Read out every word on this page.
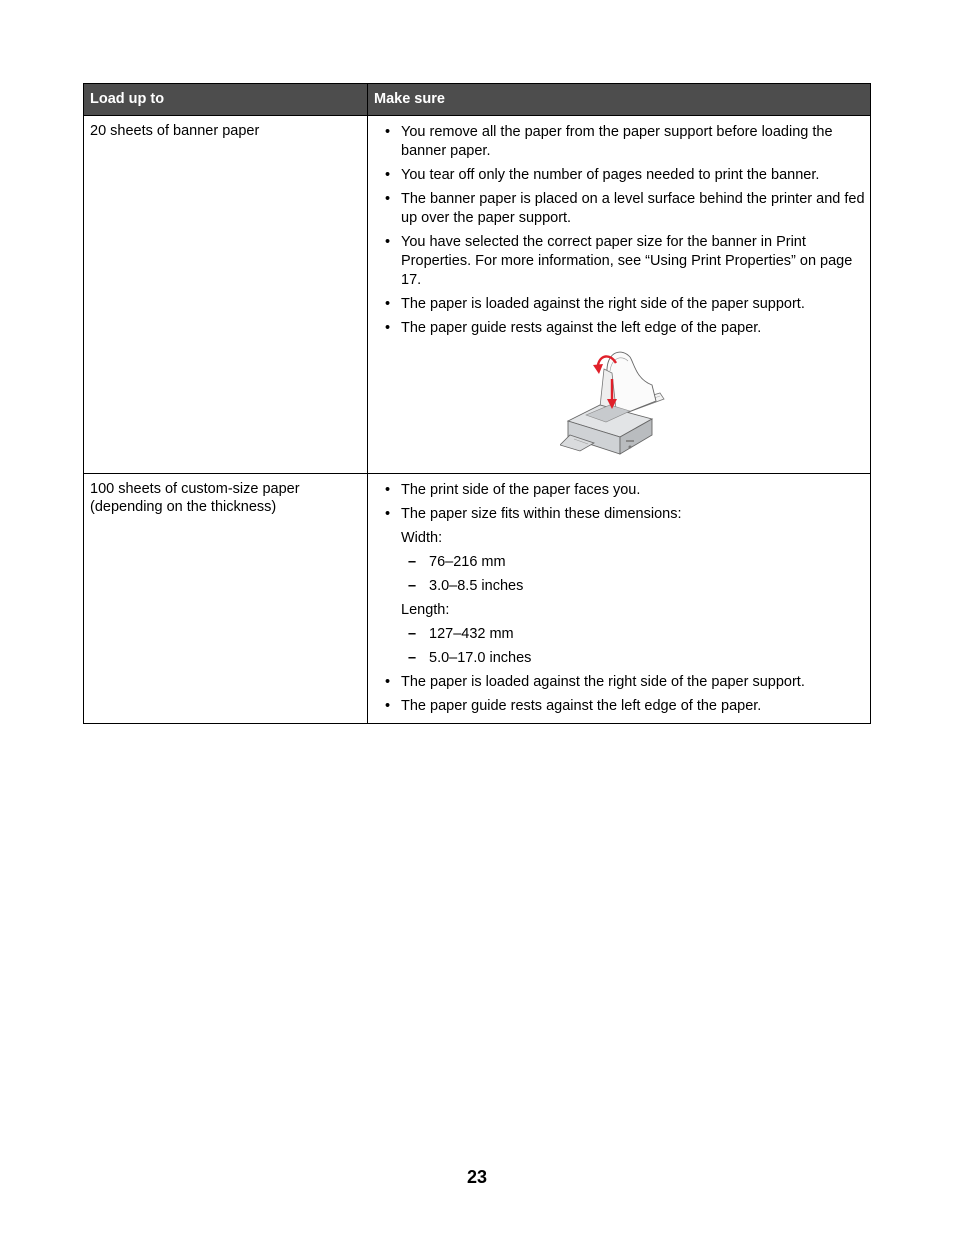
Load up to	Make sure
20 sheets of banner paper
•	You remove all the paper from the paper support before loading the banner paper.
• You tear off only the number of pages needed to print the banner.
• The banner paper is placed on a level surface behind the printer and fed up over the paper support.
• You have selected the correct paper size for the banner in Print Properties. For more information, see “Using Print Properties” on page 17.
• The paper is loaded against the right side of the paper support.
• The paper guide rests against the left edge of the paper.
100 sheets of custom-size paper (depending on the thickness)
• The print side of the paper faces you.
• The paper size fits within these dimensions:
Width:
– 76–216 mm
– 3.0–8.5 inches
Length:
– 127–432 mm
– 5.0–17.0 inches
• The paper is loaded against the right side of the paper support.
• The paper guide rests against the left edge of the paper.
23
